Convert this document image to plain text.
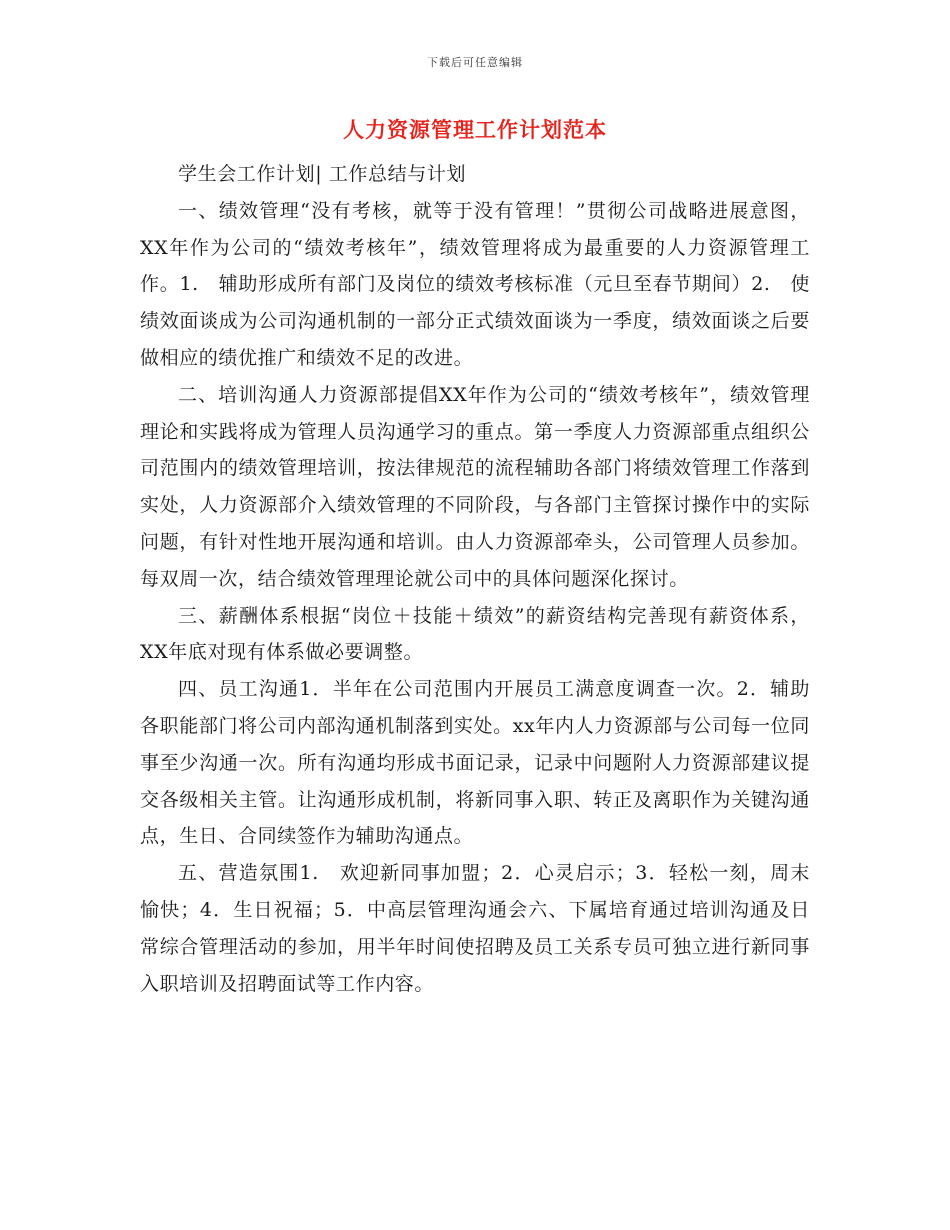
下载后可任意编辑
人力资源管理工作计划范本

学生会工作计划| 工作总结与计划

一、绩效管理“没有考核，就等于没有管理！”贯彻公司战略进展意图，XX年作为公司的“绩效考核年”，绩效管理将成为最重要的人力资源管理工作。1.　辅助形成所有部门及岗位的绩效考核标准（元旦至春节期间）2.　使绩效面谈成为公司沟通机制的一部分正式绩效面谈为一季度，绩效面谈之后要做相应的绩优推广和绩效不足的改进。

二、培训沟通人力资源部提倡XX年作为公司的“绩效考核年”，绩效管理理论和实践将成为管理人员沟通学习的重点。第一季度人力资源部重点组织公司范围内的绩效管理培训，按法律规范的流程辅助各部门将绩效管理工作落到实处，人力资源部介入绩效管理的不同阶段，与各部门主管探讨操作中的实际问题，有针对性地开展沟通和培训。由人力资源部牵头，公司管理人员参加。每双周一次，结合绩效管理理论就公司中的具体问题深化探讨。

三、薪酬体系根据“岗位＋技能＋绩效”的薪资结构完善现有薪资体系，XX年底对现有体系做必要调整。

四、员工沟通1．半年在公司范围内开展员工满意度调查一次。2．辅助各职能部门将公司内部沟通机制落到实处。xx年内人力资源部与公司每一位同事至少沟通一次。所有沟通均形成书面记录，记录中问题附人力资源部建议提交各级相关主管。让沟通形成机制，将新同事入职、转正及离职作为关键沟通点，生日、合同续签作为辅助沟通点。

五、营造氛围1.　欢迎新同事加盟；2．心灵启示；3．轻松一刻，周末愉快；4．生日祝福；5．中高层管理沟通会六、下属培育通过培训沟通及日常综合管理活动的参加，用半年时间使招聘及员工关系专员可独立进行新同事入职培训及招聘面试等工作内容。
